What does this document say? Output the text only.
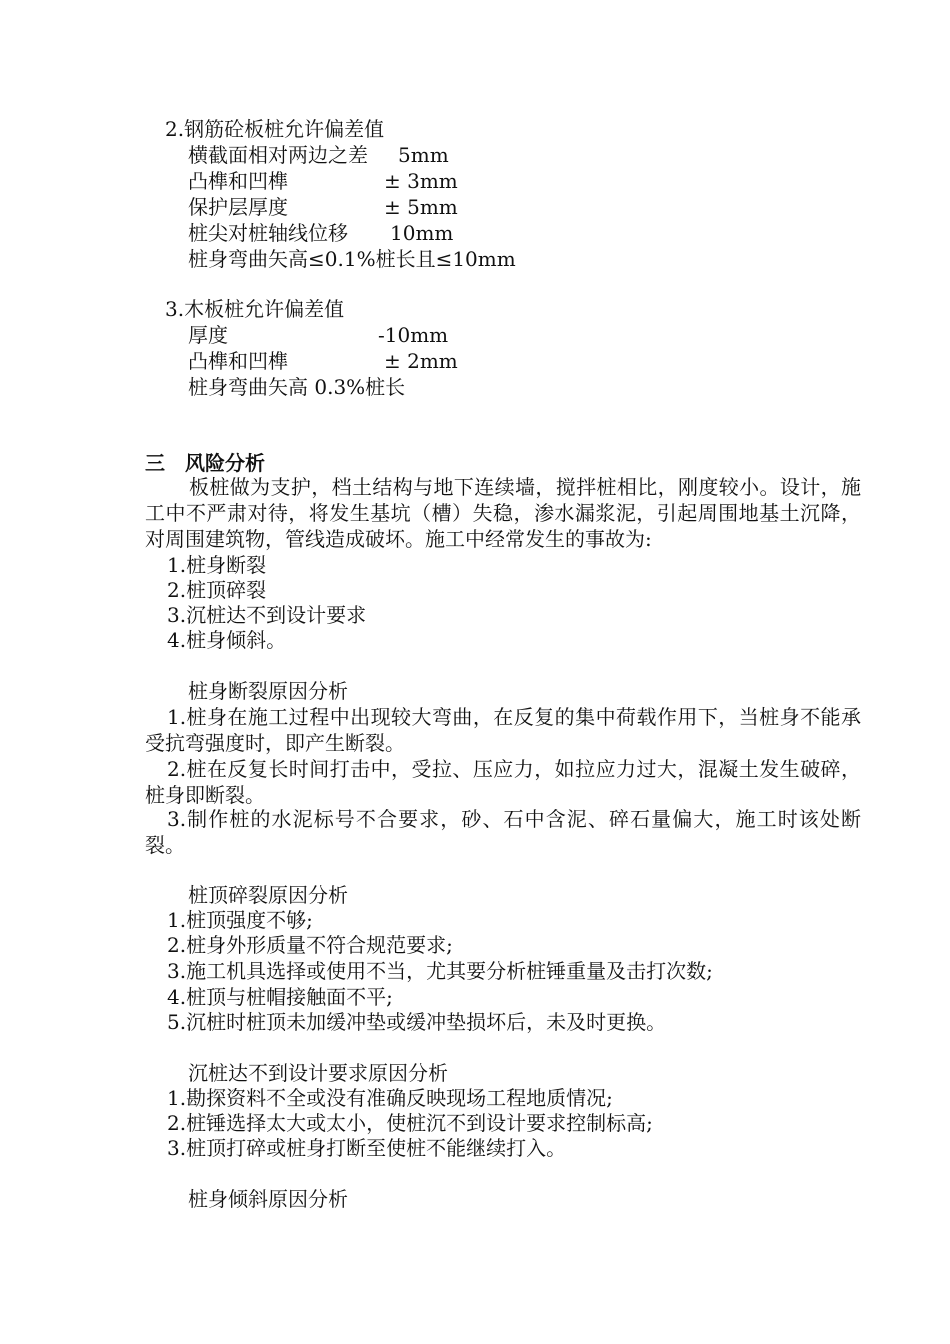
2.钢筋砼板桩允许偏差值
横截面相对两边之差 5mm
凸榫和凹榫	± 3mm
保护层厚度	± 5mm
桩尖对桩轴线位移 10mm
桩身弯曲矢高≤0.1%桩长且≤10mm
3.木板桩允许偏差值
厚度	-10mm
凸榫和凹榫	± 2mm
桩身弯曲矢高 0.3%桩长
三　风险分析
板桩做为支护，档土结构与地下连续墙，搅拌桩相比，刚度较小。设计，施工中不严肃对待，将发生基坑（槽）失稳，渗水漏浆泥，引起周围地基土沉降，对周围建筑物，管线造成破坏。施工中经常发生的事故为:
1.桩身断裂
2.桩顶碎裂
3.沉桩达不到设计要求
4.桩身倾斜。
桩身断裂原因分析
1.桩身在施工过程中出现较大弯曲，在反复的集中荷载作用下，当桩身不能承受抗弯强度时，即产生断裂。
2.桩在反复长时间打击中，受拉、压应力，如拉应力过大，混凝土发生破碎，桩身即断裂。
3.制作桩的水泥标号不合要求，砂、石中含泥、碎石量偏大，施工时该处断裂。
桩顶碎裂原因分析
1.桩顶强度不够;
2.桩身外形质量不符合规范要求;
3.施工机具选择或使用不当，尤其要分析桩锤重量及击打次数;
4.桩顶与桩帽接触面不平;
5.沉桩时桩顶未加缓冲垫或缓冲垫损坏后，未及时更换。
沉桩达不到设计要求原因分析
1.勘探资料不全或没有准确反映现场工程地质情况;
2.桩锤选择太大或太小，使桩沉不到设计要求控制标高;
3.桩顶打碎或桩身打断至使桩不能继续打入。
桩身倾斜原因分析
